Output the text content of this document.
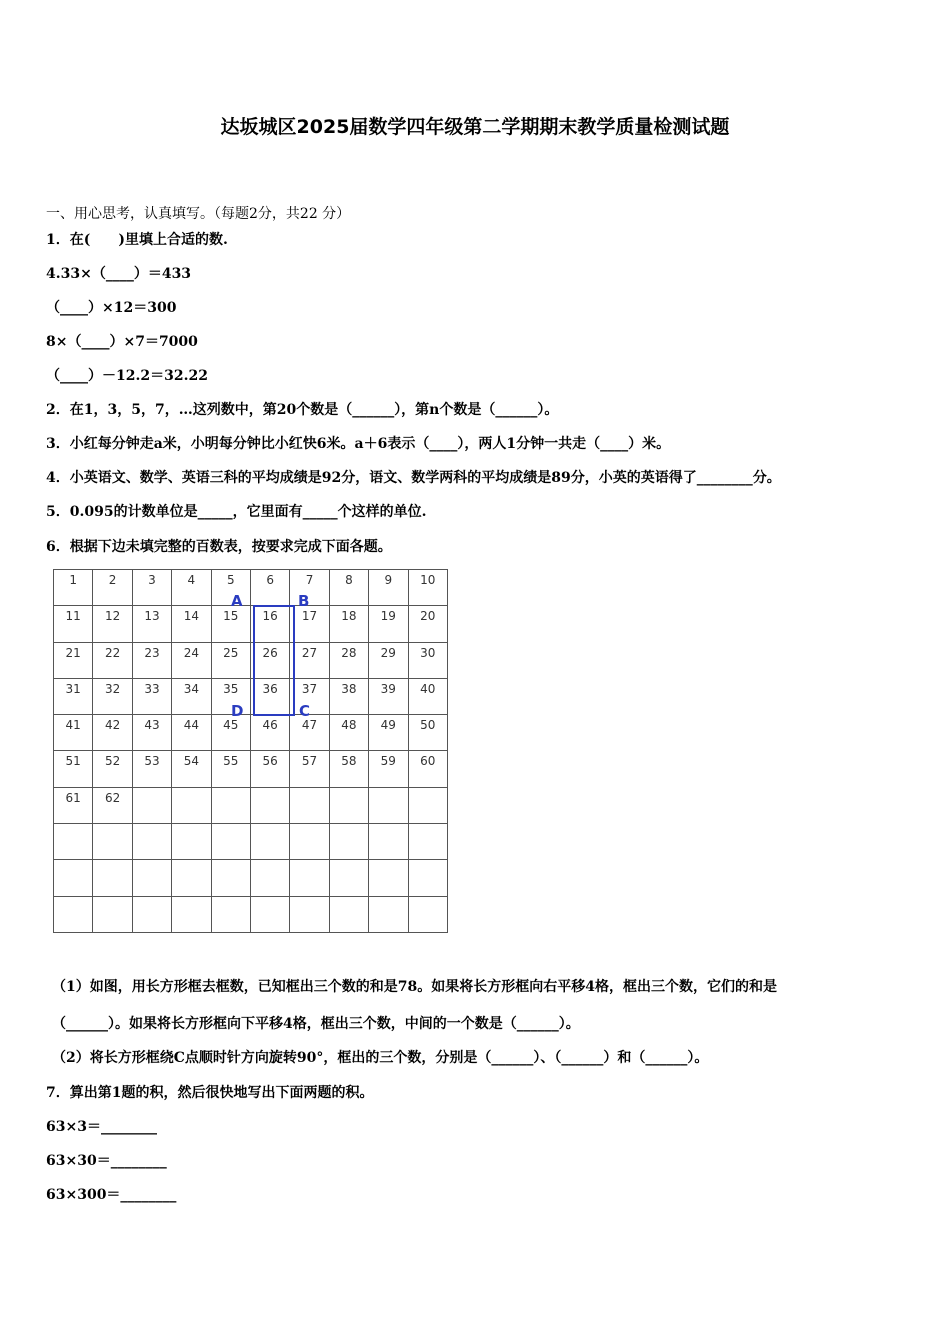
达坂城区2025届数学四年级第二学期期末教学质量检测试题
一、用心思考，认真填写。（每题2分，共22 分）
1．在(　　)里填上合适的数.
4.33×（____）＝433
（____）×12＝300
8×（____）×7＝7000
（____）－12.2＝32.22
2．在1，3，5，7，…这列数中，第20个数是（______），第n个数是（______）。
3．小红每分钟走a米，小明每分钟比小红快6米。a＋6表示（____），两人1分钟一共走（____）米。
4．小英语文、数学、英语三科的平均成绩是92分，语文、数学两科的平均成绩是89分，小英的英语得了________分。
5．0.095的计数单位是_____，它里面有_____个这样的单位.
6．根据下边未填完整的百数表，按要求完成下面各题。
1	2	3	4	5	6	7	8	9	10
11	12	13	14	15	16	17	18	19	20
21	22	23	24	25	26	27	28	29	30
31	32	33	34	35	36	37	38	39	40
41	42	43	44	45	46	47	48	49	50
51	52	53	54	55	56	57	58	59	60
61	62								

A	B
D	C
（1）如图，用长方形框去框数，已知框出三个数的和是78。如果将长方形框向右平移4格，框出三个数，它们的和是
（______）。如果将长方形框向下平移4格，框出三个数，中间的一个数是（______）。
（2）将长方形框绕C点顺时针方向旋转90°，框出的三个数，分别是（______）、（______）和（______）。
7．算出第1题的积，然后很快地写出下面两题的积。
63×3＝________
63×30＝________
63×300＝________
